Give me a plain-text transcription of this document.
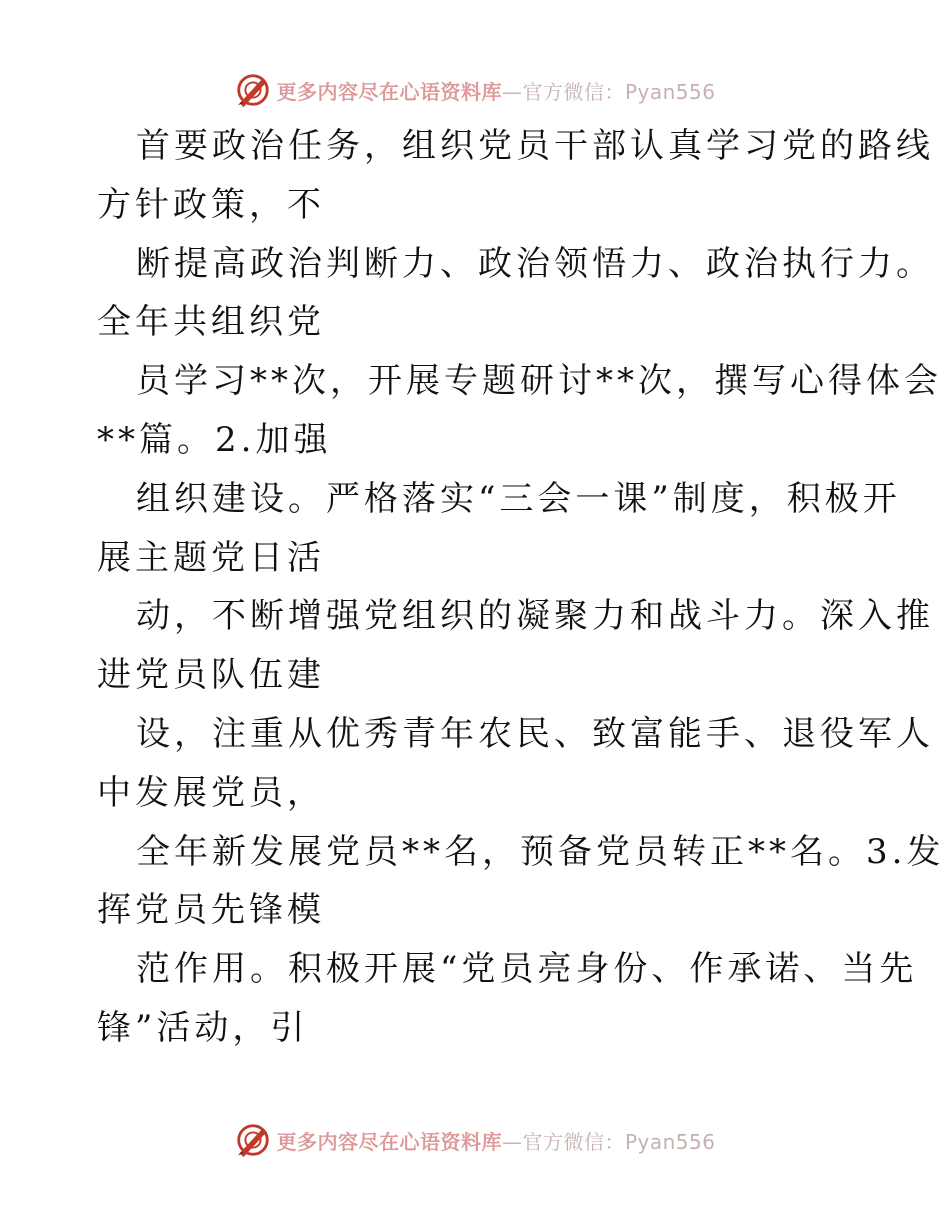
更多内容尽在心语资料库—官方微信：Pyan556
首要政治任务，组织党员干部认真学习党的路线
方针政策，不
断提高政治判断力、政治领悟力、政治执行力。
全年共组织党
员学习**次，开展专题研讨**次，撰写心得体会
**篇。2.加强
组织建设。严格落实“三会一课”制度，积极开
展主题党日活
动，不断增强党组织的凝聚力和战斗力。深入推
进党员队伍建
设，注重从优秀青年农民、致富能手、退役军人
中发展党员，
全年新发展党员**名，预备党员转正**名。3.发
挥党员先锋模
范作用。积极开展“党员亮身份、作承诺、当先
锋”活动，引
更多内容尽在心语资料库—官方微信：Pyan556
